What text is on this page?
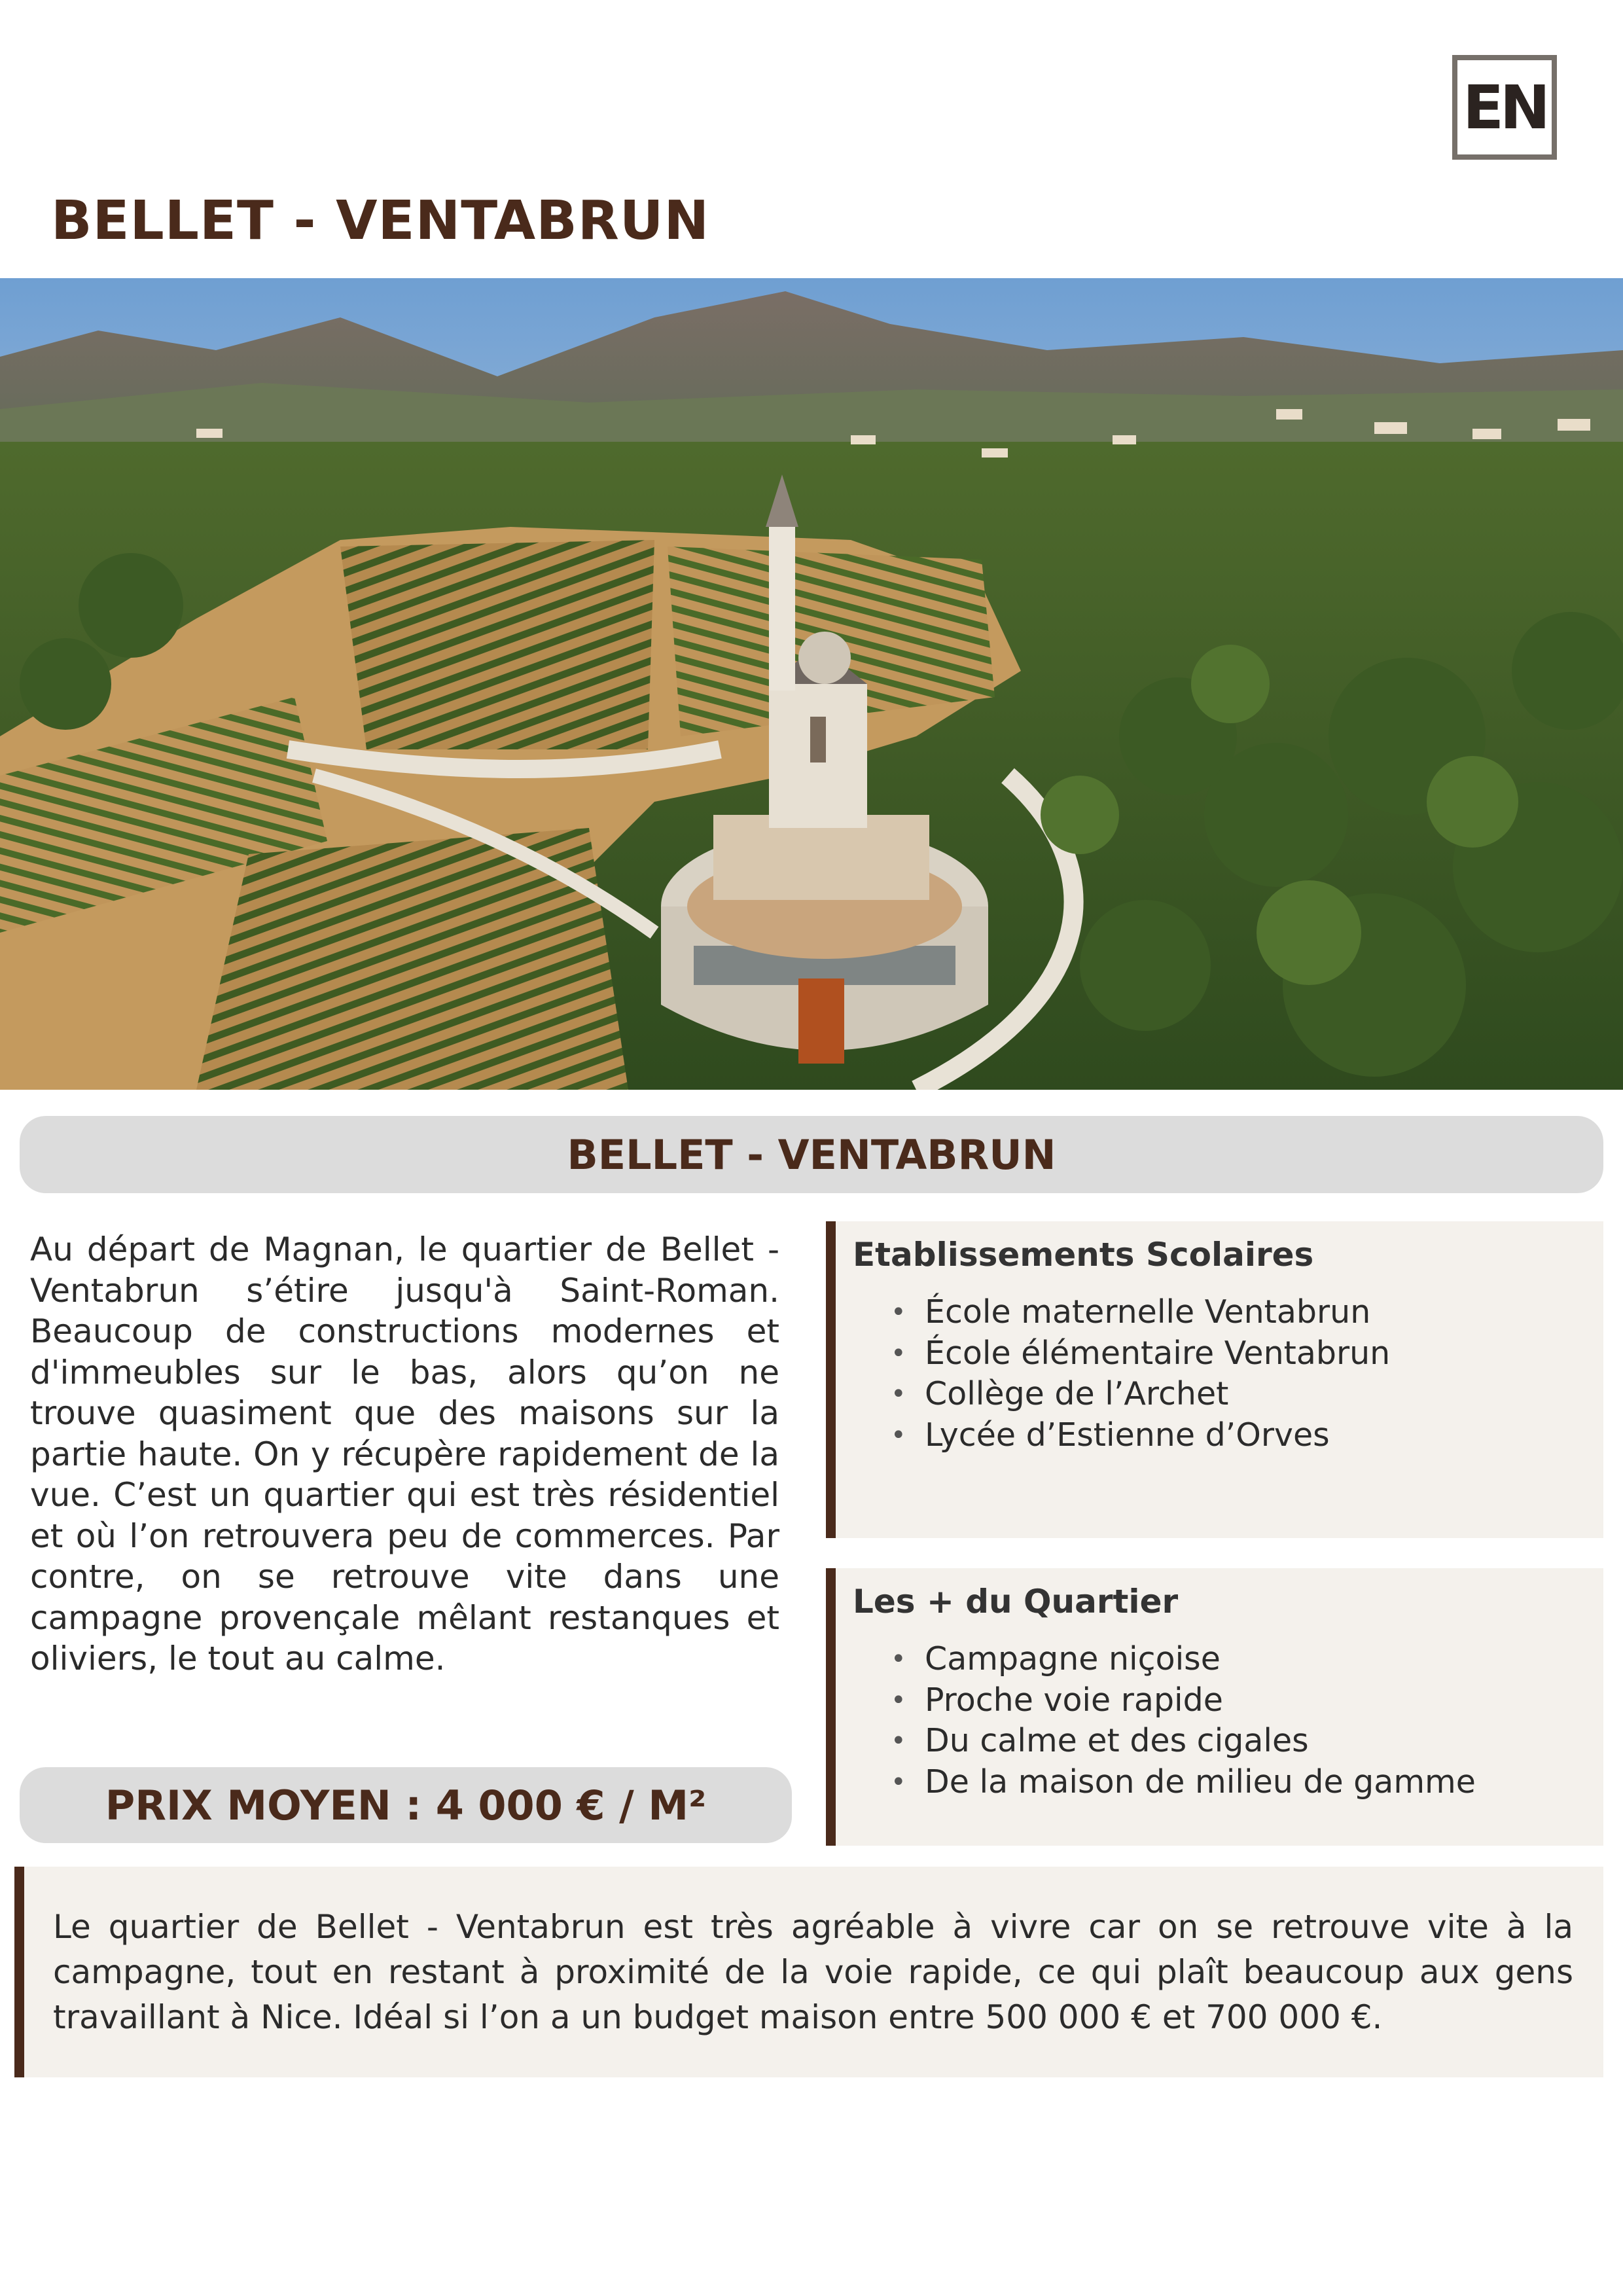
EN
BELLET - VENTABRUN
BELLET - VENTABRUN
Au départ de Magnan, le quartier de Bellet - Ventabrun s’étire jusqu'à Saint-Roman. Beaucoup de constructions modernes et d'immeubles sur le bas, alors qu’on ne trouve quasiment que des maisons sur la partie haute. On y récupère rapidement de la vue. C’est un quartier qui est très résidentiel et où l’on retrouvera peu de commerces. Par contre, on se retrouve vite dans une campagne provençale mêlant restanques et oliviers, le tout au calme.
PRIX MOYEN : 4 000 € / M²
Etablissements Scolaires
• École maternelle Ventabrun
• École élémentaire Ventabrun
• Collège de l’Archet
• Lycée d’Estienne d’Orves
Les + du Quartier
• Campagne niçoise
• Proche voie rapide
• Du calme et des cigales
• De la maison de milieu de gamme
Le quartier de Bellet - Ventabrun est très agréable à vivre car on se retrouve vite à la campagne, tout en restant à proximité de la voie rapide, ce qui plaît beaucoup aux gens travaillant à Nice. Idéal si l’on a un budget maison entre 500 000 € et 700 000 €.
